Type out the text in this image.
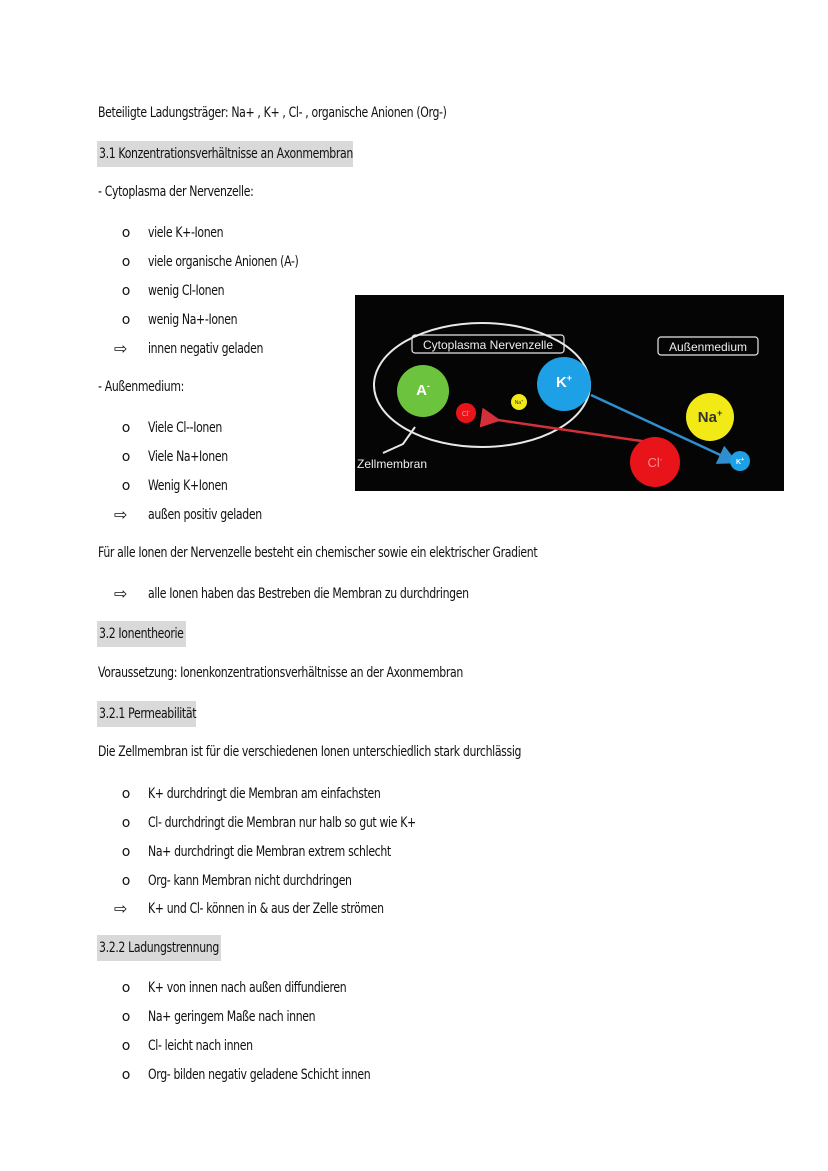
Beteiligte Ladungsträger: Na+ , K+ , Cl- , organische Anionen (Org-)
3.1 Konzentrationsverhältnisse an Axonmembran
- Cytoplasma der Nervenzelle:
o viele K+-Ionen
o viele organische Anionen (A-)
o wenig Cl-Ionen
o wenig Na+-Ionen
⇨ innen negativ geladen
- Außenmedium:
o Viele Cl--Ionen
o Viele Na+Ionen
o Wenig K+Ionen
⇨ außen positiv geladen
Für alle Ionen der Nervenzelle besteht ein chemischer sowie ein elektrischer Gradient
⇨ alle Ionen haben das Bestreben die Membran zu durchdringen
3.2 Ionentheorie
Voraussetzung: Ionenkonzentrationsverhältnisse an der Axonmembran
3.2.1 Permeabilität
Die Zellmembran ist für die verschiedenen Ionen unterschiedlich stark durchlässig
o K+ durchdringt die Membran am einfachsten
o Cl- durchdringt die Membran nur halb so gut wie K+
o Na+ durchdringt die Membran extrem schlecht
o Org- kann Membran nicht durchdringen
⇨ K+ und Cl- können in & aus der Zelle strömen
3.2.2 Ladungstrennung
o K+ von innen nach außen diffundieren
o Na+ geringem Maße nach innen
o Cl- leicht nach innen
o Org- bilden negativ geladene Schicht innen
Cytoplasma Nervenzelle	Außenmedium
Zellmembran
A-	K+
Na+
Cl-	Na+
Cl-	K+
